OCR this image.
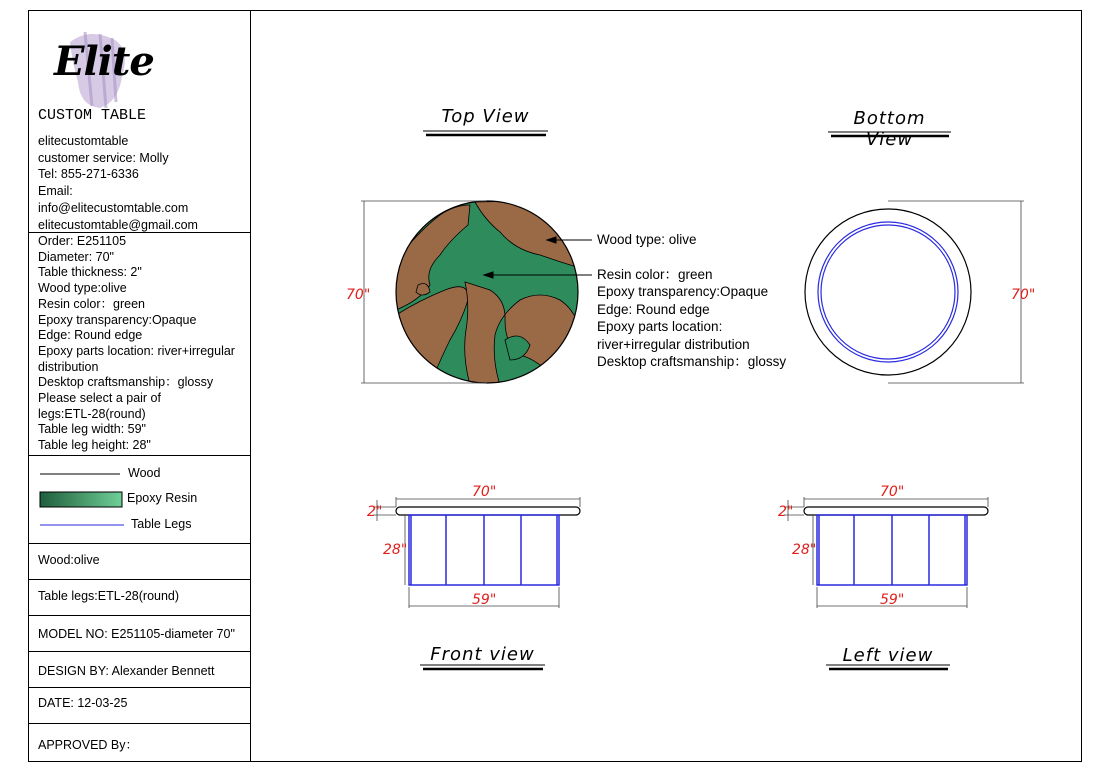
Elite
CUSTOM TABLE
elitecustomtable
customer service: Molly
Tel: 855-271-6336
Email:
info@elitecustomtable.com
elitecustomtable@gmail.com
Order: E251105
Diameter: 70"
Table thickness: 2"
Wood type:olive
Resin color：green
Epoxy transparency:Opaque
Edge: Round edge
Epoxy parts location: river+irregular
distribution
Desktop craftsmanship：glossy
Please select a pair of
legs:ETL-28(round)
Table leg width: 59"
Table leg height: 28"
Wood
Epoxy Resin
Table Legs
Wood:olive
Table legs:ETL-28(round)
MODEL NO: E251105-diameter 70"
DESIGN BY: Alexander Bennett
DATE: 12-03-25
APPROVED By：
Top View	Bottom View
Front view	Left view
Wood type: olive
Resin color：green
Epoxy transparency:Opaque
Edge: Round edge
Epoxy parts location:
river+irregular distribution
Desktop craftsmanship：glossy
70"	70"
70"
2"
28"
59"
70"
2"
28"
59"
